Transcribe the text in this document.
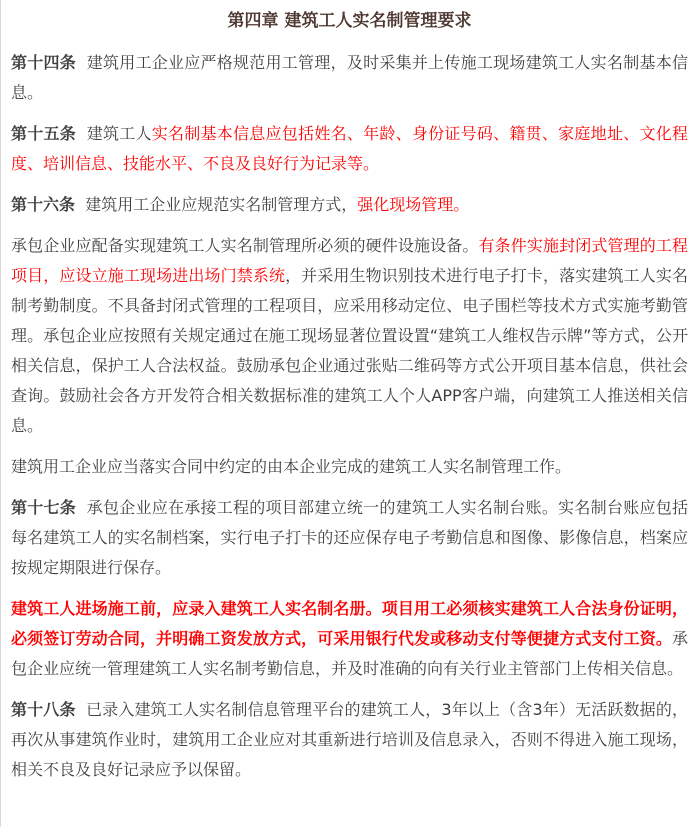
第四章 建筑工人实名制管理要求

第十四条  建筑用工企业应严格规范用工管理，及时采集并上传施工现场建筑工人实名制基本信息。

第十五条  建筑工人实名制基本信息应包括姓名、年龄、身份证号码、籍贯、家庭地址、文化程度、培训信息、技能水平、不良及良好行为记录等。

第十六条  建筑用工企业应规范实名制管理方式，强化现场管理。

承包企业应配备实现建筑工人实名制管理所必须的硬件设施设备。有条件实施封闭式管理的工程项目，应设立施工现场进出场门禁系统，并采用生物识别技术进行电子打卡，落实建筑工人实名制考勤制度。不具备封闭式管理的工程项目，应采用移动定位、电子围栏等技术方式实施考勤管理。承包企业应按照有关规定通过在施工现场显著位置设置“建筑工人维权告示牌”等方式，公开相关信息，保护工人合法权益。鼓励承包企业通过张贴二维码等方式公开项目基本信息，供社会查询。鼓励社会各方开发符合相关数据标准的建筑工人个人APP客户端，向建筑工人推送相关信息。

建筑用工企业应当落实合同中约定的由本企业完成的建筑工人实名制管理工作。

第十七条  承包企业应在承接工程的项目部建立统一的建筑工人实名制台账。实名制台账应包括每名建筑工人的实名制档案，实行电子打卡的还应保存电子考勤信息和图像、影像信息，档案应按规定期限进行保存。

建筑工人进场施工前，应录入建筑工人实名制名册。项目用工必须核实建筑工人合法身份证明，必须签订劳动合同，并明确工资发放方式，可采用银行代发或移动支付等便捷方式支付工资。承包企业应统一管理建筑工人实名制考勤信息，并及时准确的向有关行业主管部门上传相关信息。

第十八条  已录入建筑工人实名制信息管理平台的建筑工人，3年以上（含3年）无活跃数据的，再次从事建筑作业时，建筑用工企业应对其重新进行培训及信息录入，否则不得进入施工现场，相关不良及良好记录应予以保留。
